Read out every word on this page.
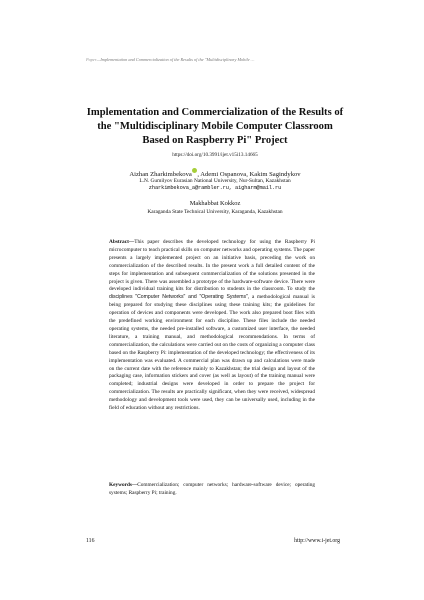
Paper—Implementation and Commercialization of the Results of the "Multidisciplinary Mobile …
Implementation and Commercialization of the Results of the "Multidisciplinary Mobile Computer Classroom Based on Raspberry Pi" Project
https://doi.org/10.3991/ijet.v15i13.14665
Aizhan Zharkimbekova , Ademi Ospanova, Kakim Sagindykov
L.N. Gumilyov Eurasian National University, Nur-Sultan, Kazakhstan
zharkimbekova_a@rambler.ru, aigharm@mail.ru
Makhabbat Kokkoz
Karaganda State Technical University, Karaganda, Kazakhstan
Abstract—This paper describes the developed technology for using the Raspberry Pi microcomputer to teach practical skills on computer networks and operating systems. The paper presents a largely implemented project on an initiative basis, preceding the work on commercialization of the described results. In the present work a full detailed content of the steps for implementation and subsequent commercialization of the solutions presented in the project is given. There was assembled a prototype of the hardware-software device. There were developed individual training kits for distribution to students in the classroom. To study the disciplines "Computer Networks" and "Operating Systems", a methodological manual is being prepared for studying these disciplines using these training kits; the guidelines for operation of devices and components were developed. The work also prepared boot files with the predefined working environment for each discipline. These files include the needed operating systems, the needed pre-installed software, a customized user interface, the needed literature, a training manual, and methodological recommendations. In terms of commercialization, the calculations were carried out on the costs of organizing a computer class based on the Raspberry Pi: implementation of the developed technology; the effectiveness of its implementation was evaluated. A commercial plan was drawn up and calculations were made on the current date with the reference mainly to Kazakhstan; the trial design and layout of the packaging case, information stickers and cover (as well as layout) of the training manual were completed; industrial designs were developed in order to prepare the project for commercialization. The results are practically significant, when they were received, widespread methodology and development tools were used, they can be universally used, including in the field of education without any restrictions.
Keywords—Commercialization; computer networks; hardware-software device; operating systems; Raspberry Pi; training.
116	http://www.i-jet.org
